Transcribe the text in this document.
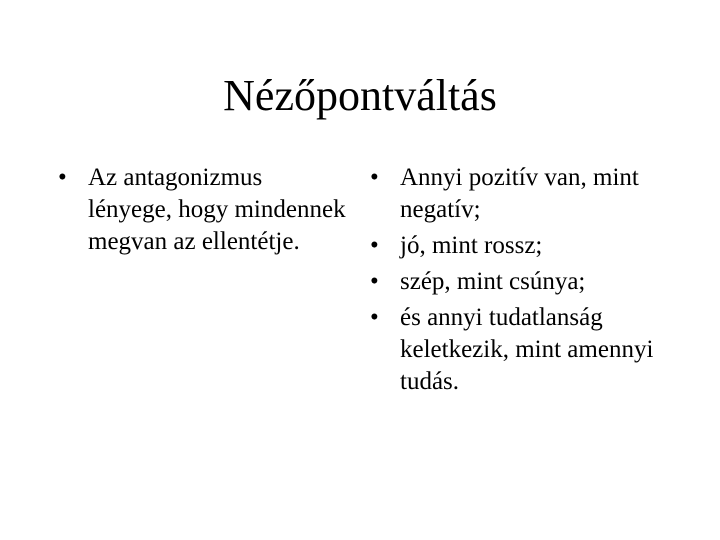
Nézőpontváltás
• Az antagonizmus lényege, hogy mindennek megvan az ellentétje.
• Annyi pozitív van, mint negatív;
• jó, mint rossz;
• szép, mint csúnya;
• és annyi tudatlanság keletkezik, mint amennyi tudás.
